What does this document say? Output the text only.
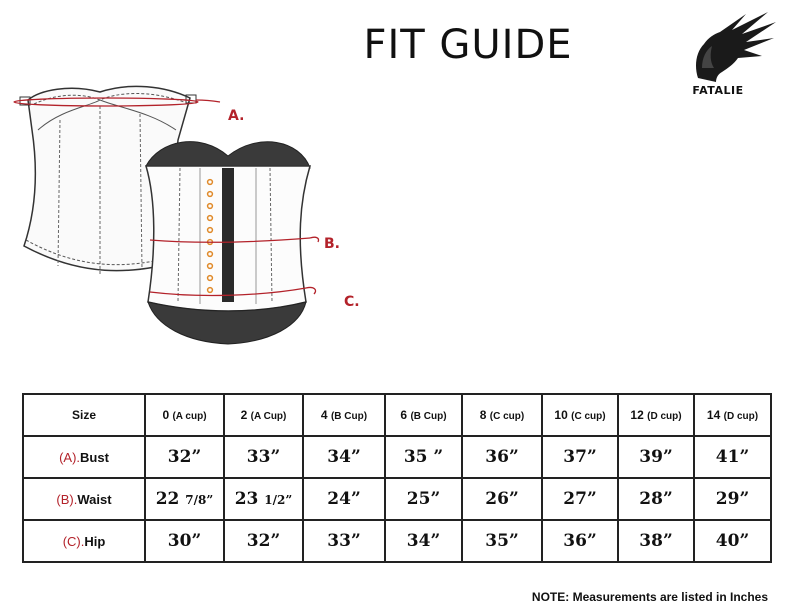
FIT GUIDE
FATALIE
A.
B.
C.
Size	0 (A cup)	2 (A Cup)	4 (B Cup)	6 (B Cup)	8 (C cup)	10 (C cup)	12 (D cup)	14 (D cup)
(A).Bust	32”	33”	34”	35 ”	36”	37”	39”	41”
(B).Waist	22 7/8”	23 1/2”	24”	25”	26”	27”	28”	29”
(C).Hip	30”	32”	33”	34”	35”	36”	38”	40”
NOTE: Measurements are listed in Inches
